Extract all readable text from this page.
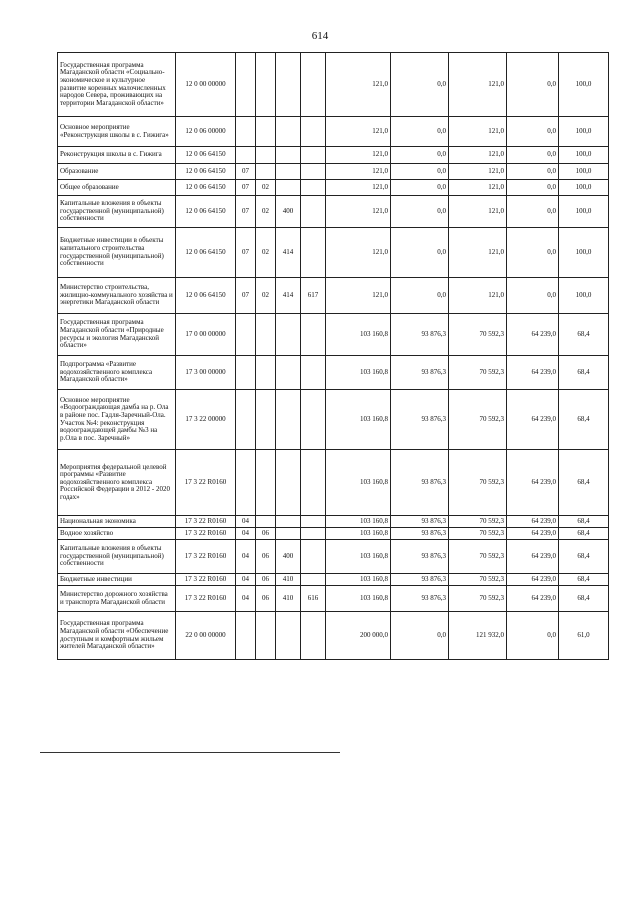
614
Государственная программа Магаданской области «Социально-экономическое и культурное развитие коренных малочисленных народов Севера, проживающих на территории Магаданской области»	12 0 00 00000					121,0	0,0	121,0	0,0	100,0
Основное мероприятие «Реконструкция школы в с. Гижига»	12 0 06 00000					121,0	0,0	121,0	0,0	100,0
Реконструкция школы в с. Гижига	12 0 06 64150					121,0	0,0	121,0	0,0	100,0
Образование	12 0 06 64150	07				121,0	0,0	121,0	0,0	100,0
Общее образование	12 0 06 64150	07	02			121,0	0,0	121,0	0,0	100,0
Капитальные вложения в объекты государственной (муниципальной) собственности	12 0 06 64150	07	02	400		121,0	0,0	121,0	0,0	100,0
Бюджетные инвестиции в объекты капитального строительства государственной (муниципальной) собственности	12 0 06 64150	07	02	414		121,0	0,0	121,0	0,0	100,0
Министерство строительства, жилищно-коммунального хозяйства и энергетики Магаданской области	12 0 06 64150	07	02	414	617	121,0	0,0	121,0	0,0	100,0
Государственная программа Магаданской области «Природные ресурсы и экология Магаданской области»	17 0 00 00000					103 160,8	93 876,3	70 592,3	64 239,0	68,4
Подпрограмма «Развитие водохозяйственного комплекса Магаданской области»	17 3 00 00000					103 160,8	93 876,3	70 592,3	64 239,0	68,4
Основное мероприятие «Водоограждающая дамба на р. Ола в районе пос. Гадля-Заречный-Ола. Участок №4: реконструкция водоограждающей дамбы №3 на р.Ола в пос. Заречный»	17 3 22 00000					103 160,8	93 876,3	70 592,3	64 239,0	68,4
Мероприятия федеральной целевой программы «Развитие водохозяйственного комплекса Российской Федерации в 2012 - 2020 годах»	17 3 22 R0160					103 160,8	93 876,3	70 592,3	64 239,0	68,4
Национальная экономика	17 3 22 R0160	04				103 160,8	93 876,3	70 592,3	64 239,0	68,4
Водное хозяйство	17 3 22 R0160	04	06			103 160,8	93 876,3	70 592,3	64 239,0	68,4
Капитальные вложения в объекты государственной (муниципальной) собственности	17 3 22 R0160	04	06	400		103 160,8	93 876,3	70 592,3	64 239,0	68,4
Бюджетные инвестиции	17 3 22 R0160	04	06	410		103 160,8	93 876,3	70 592,3	64 239,0	68,4
Министерство дорожного хозяйства и транспорта Магаданской области	17 3 22 R0160	04	06	410	616	103 160,8	93 876,3	70 592,3	64 239,0	68,4
Государственная программа Магаданской области «Обеспечение доступным и комфортным жильем жителей Магаданской области»	22 0 00 00000					200 000,0	0,0	121 932,0	0,0	61,0
